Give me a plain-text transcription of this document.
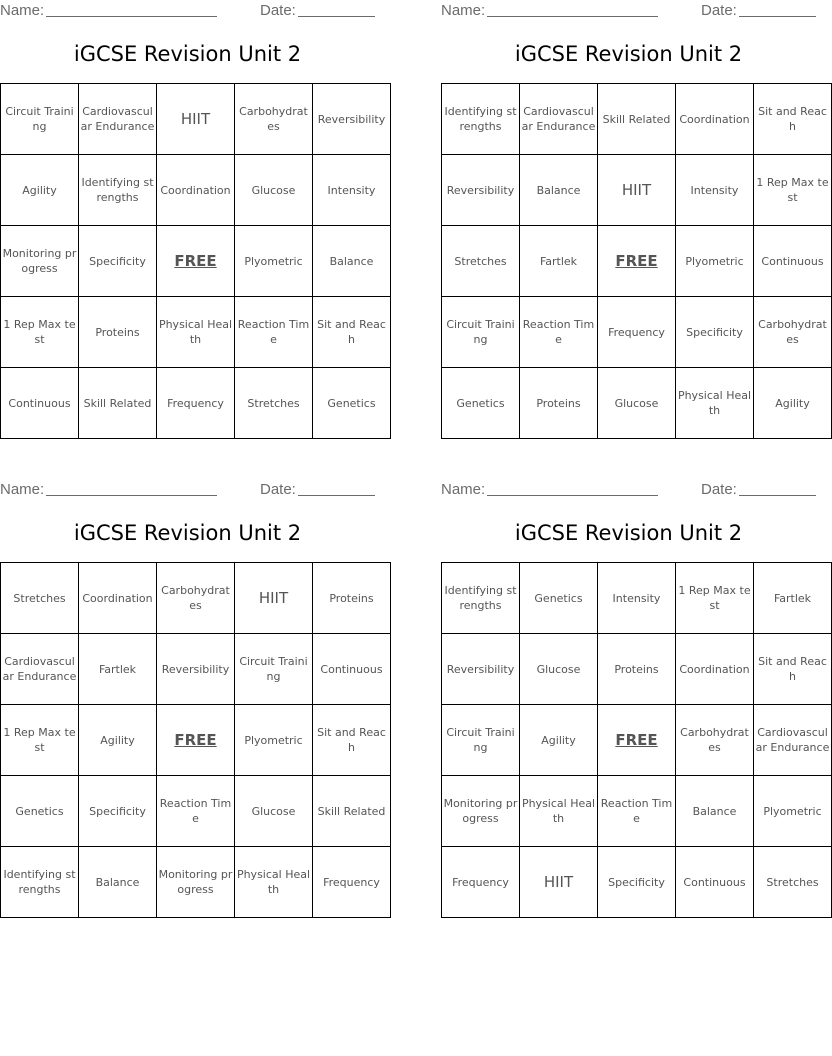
Name:	Date:
iGCSE Revision Unit 2
Circuit Training	Cardiovascular Endurance	HIIT	Carbohydrates	Reversibility
Agility	Identifying strengths	Coordination	Glucose	Intensity
Monitoring progress	Specificity	FREE	Plyometric	Balance
1 Rep Max test	Proteins	Physical Health	Reaction Time	Sit and Reach
Continuous	Skill Related	Frequency	Stretches	Genetics
Name:	Date:
iGCSE Revision Unit 2
Identifying strengths	Cardiovascular Endurance	Skill Related	Coordination	Sit and Reach
Reversibility	Balance	HIIT	Intensity	1 Rep Max test
Stretches	Fartlek	FREE	Plyometric	Continuous
Circuit Training	Reaction Time	Frequency	Specificity	Carbohydrates
Genetics	Proteins	Glucose	Physical Health	Agility
Name:	Date:
iGCSE Revision Unit 2
Stretches	Coordination	Carbohydrates	HIIT	Proteins
Cardiovascular Endurance	Fartlek	Reversibility	Circuit Training	Continuous
1 Rep Max test	Agility	FREE	Plyometric	Sit and Reach
Genetics	Specificity	Reaction Time	Glucose	Skill Related
Identifying strengths	Balance	Monitoring progress	Physical Health	Frequency
Name:	Date:
iGCSE Revision Unit 2
Identifying strengths	Genetics	Intensity	1 Rep Max test	Fartlek
Reversibility	Glucose	Proteins	Coordination	Sit and Reach
Circuit Training	Agility	FREE	Carbohydrates	Cardiovascular Endurance
Monitoring progress	Physical Health	Reaction Time	Balance	Plyometric
Frequency	HIIT	Specificity	Continuous	Stretches
